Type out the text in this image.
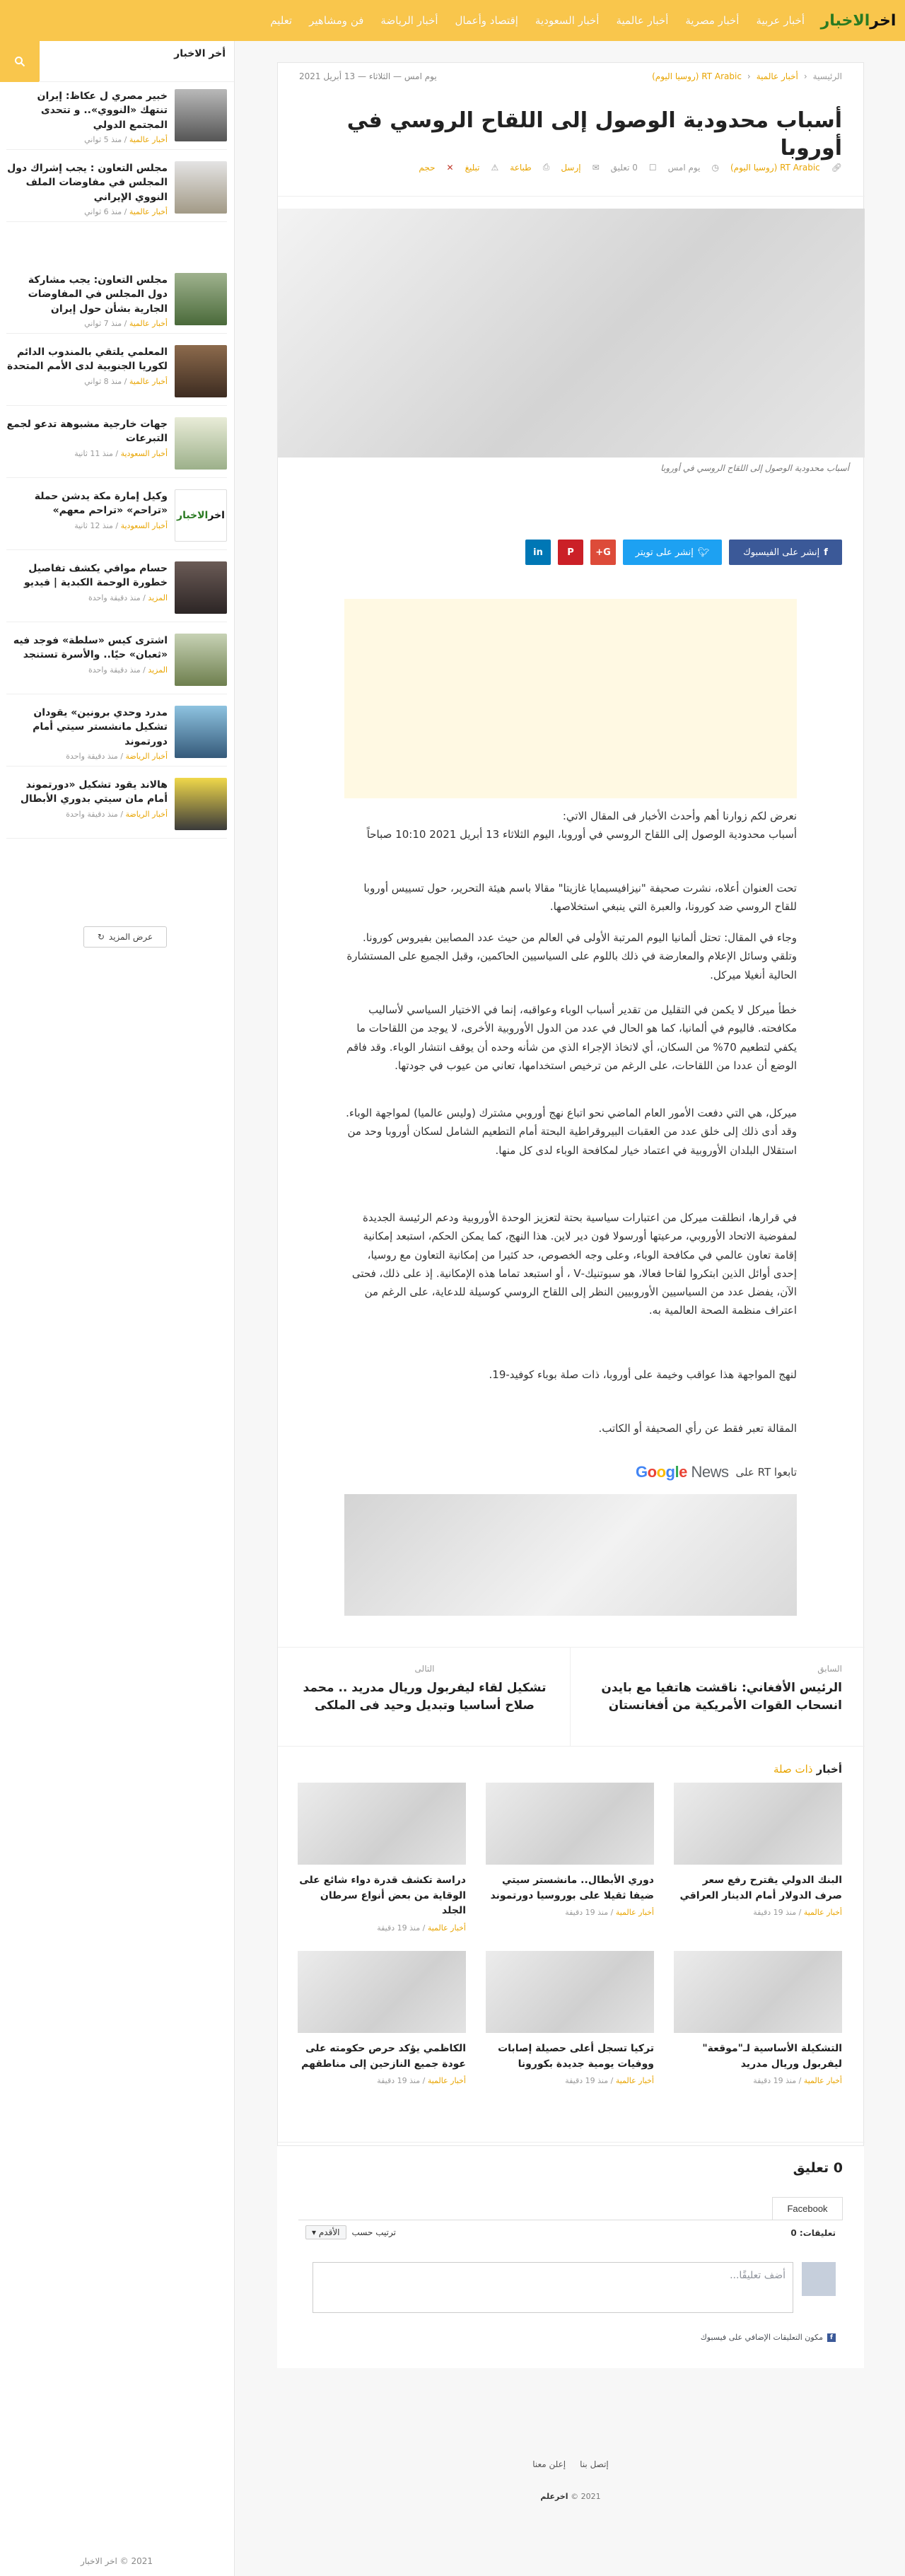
اخر
الاخبار
أخبار عربية
أخبار مصرية
أخبار عالمية
أخبار السعودية
إقتصاد وأعمال
أخبار الرياضة
فن ومشاهير
تعليم
أخر الاخبار
خبير مصري ل عكاظ: إيران تنتهك «النووي».. و تتحدى المجتمع الدولي
أخبار عالمية / منذ 5 ثواني
مجلس التعاون : يجب إشراك دول المجلس في مفاوضات الملف النووي الإيراني
أخبار عالمية / منذ 6 ثواني
مجلس التعاون: يجب مشاركة دول المجلس في المفاوضات الجارية بشأن حول إيران
أخبار عالمية / منذ 7 ثواني
المعلمي يلتقي بالمندوب الدائم لكوريا الجنوبية لدى الأمم المتحدة
أخبار عالمية / منذ 8 ثواني
جهات خارجية مشبوهة تدعو لجمع التبرعات
أخبار السعودية / منذ 11 ثانية
اخر
الاخبار
وكيل إمارة مكة يدشن حملة «تراحم» «تراحم معهم»
أخبار السعودية / منذ 12 ثانية
حسام موافي يكشف تفاصيل خطورة الوحمة الكبدية | فيديو
المزيد / منذ دقيقة واحدة
اشترى كيس «سلطة» فوجد فيه «ثعبان» حيًا.. والأسرة تستنجد
المزيد / منذ دقيقة واحدة
مدرد وحدي برونين» يقودان تشكيل مانشستر سيتي أمام دورتموند
أخبار الرياضة / منذ دقيقة واحدة
هالاند يقود تشكيل «دورتموند أمام مان سيتي بدوري الأبطال
أخبار الرياضة / منذ دقيقة واحدة
عرض المزيد
↻
2021 © اخر الاخبار
الرئيسية
‹
أخبار عالمية
‹
RT Arabic (روسيا اليوم)
يوم امس — الثلاثاء — 13 أبريل 2021
أسباب محدودية الوصول إلى اللقاح الروسي في أوروبا
🔗︎
RT Arabic (روسيا اليوم)
◷
يوم امس
☐
0 تعليق
✉
إرسل
⎙
طباعة
⚠
تبليغ
✕
حجم
أسباب محدودية الوصول إلى اللقاح الروسي في أوروبا
f
إنشر على الفيسبوك
🐦︎
إنشر على تويتر
G+
P
in

نعرض لكم زوارنا أهم وأحدث الأخبار فى المقال الاتي:
أسباب محدودية الوصول إلى اللقاح الروسي في أوروبا، اليوم الثلاثاء 13 أبريل 2021 10:10 صباحاً

تحت العنوان أعلاه، نشرت صحيفة "نيزافيسيمايا غازيتا" مقالا باسم هيئة التحرير، حول تسييس أوروبا للقاح الروسي ضد كورونا، والعبرة التي ينبغي استخلاصها.

وجاء في المقال: تحتل ألمانيا اليوم المرتبة الأولى في العالم من حيث عدد المصابين بفيروس كورونا. وتلقي وسائل الإعلام والمعارضة في ذلك باللوم على السياسيين الحاكمين، وقبل الجميع على المستشارة الحالية أنغيلا ميركل.

خطأ ميركل لا يكمن في التقليل من تقدير أسباب الوباء وعواقبه، إنما في الاختيار السياسي لأساليب مكافحته. فاليوم في ألمانيا، كما هو الحال في عدد من الدول الأوروبية الأخرى، لا يوجد من اللقاحات ما يكفي لتطعيم 70% من السكان، أي لاتخاذ الإجراء الذي من شأنه وحده أن يوقف انتشار الوباء. وقد فاقم الوضع أن عددا من اللقاحات، على الرغم من ترخيص استخدامها، تعاني من عيوب في جودتها.

ميركل، هي التي دفعت الأمور العام الماضي نحو اتباع نهج أوروبي مشترك (وليس عالميا) لمواجهة الوباء. وقد أدى ذلك إلى خلق عدد من العقبات البيروقراطية البحتة أمام التطعيم الشامل لسكان أوروبا وحد من استقلال البلدان الأوروبية في اعتماد خيار لمكافحة الوباء لدى كل منها.

في قرارها، انطلقت ميركل من اعتبارات سياسية بحتة لتعزيز الوحدة الأوروبية ودعم الرئيسة الجديدة لمفوضية الاتحاد الأوروبي، مرعيتها أورسولا فون دير لاين. هذا النهج، كما يمكن الحكم، استبعد إمكانية إقامة تعاون عالمي في مكافحة الوباء، وعلى وجه الخصوص، حد كثيرا من إمكانية التعاون مع روسيا، إحدى أوائل الذين ابتكروا لقاحا فعالا، هو سبوتنيك-V ، أو استبعد تماما هذه الإمكانية. إذ على ذلك، فحتى الآن، يفضل عدد من السياسيين الأوروبيين النظر إلى اللقاح الروسي كوسيلة للدعاية، على الرغم من اعتراف منظمة الصحة العالمية به.

لنهج المواجهة هذا عواقب وخيمة على أوروبا، ذات صلة بوباء كوفيد-19.

المقالة تعبر فقط عن رأي الصحيفة أو الكاتب.

تابعوا RT على
Google News
السابق
الرئيس الأفغاني: ناقشت هاتفيا مع بايدن انسحاب القوات الأمريكية من أفغانستان
التالى
تشكيل لقاء ليفربول وريال مدريد .. محمد صلاح أساسيا وتبديل وحيد فى الملكى
أخبار ذات صلة
البنك الدولي يقترح رفع سعر صرف الدولار أمام الدينار العراقي
أخبار عالمية / منذ 19 دقيقة
دوري الأبطال.. مانشستر سيتي ضيفا ثقيلا على بوروسيا دورتموند
أخبار عالمية / منذ 19 دقيقة
دراسة تكشف قدرة دواء شائع على الوقاية من بعض أنواع سرطان الجلد
أخبار عالمية / منذ 19 دقيقة
التشكيلة الأساسية لـ"موقعة" ليفربول وريال مدريد
أخبار عالمية / منذ 19 دقيقة
تركيا تسجل أعلى حصيلة إصابات ووفيات يومية جديدة بكورونا
أخبار عالمية / منذ 19 دقيقة
الكاظمي يؤكد حرص حكومته على عودة جميع النازحين إلى مناطقهم
أخبار عالمية / منذ 19 دقيقة
0 تعليق
Facebook
ﺗﻌﻠﻴﻘﺎﺕ: 0
ﺗﺮﺗﻴﺐ ﺣﺴﺐ
ﺍﻷﻗﺪﻡ ▾
ﺃﺿﻒ ﺗﻌﻠﻴﻘًﺎ...
f
ﻣﻜﻮﻥ ﺍﻟﺘﻌﻠﻴﻘﺎﺕ ﺍﻹﺿﺎﻓﻲ ﻋﻠﻰ ﻓﻴﺴﺒﻮﻙ
إتصل بنا
إعلن معنا
2021 © اخرعلم
